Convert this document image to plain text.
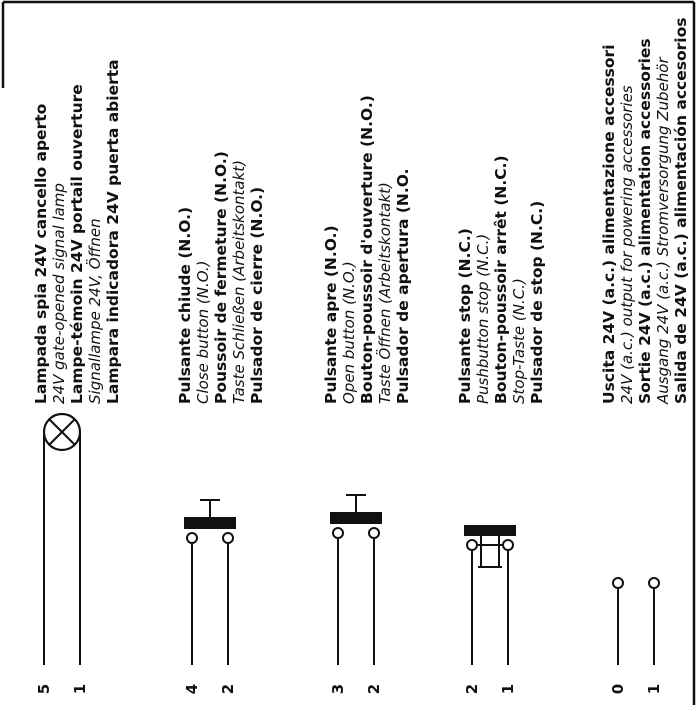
5 1	4 2	3 2	2 1	0 1
Lampada spia 24V cancello aperto 24V gate-opened signal lamp Lampe-témoin 24V portail ouverture Signallampe 24V, Öffnen Lampara indicadora 24V puerta abierta	Pulsante chiude (N.O.) Close button (N.O.) Poussoir de fermeture (N.O.) Taste Schließen (Arbeitskontakt) Pulsador de cierre (N.O.)	Pulsante apre (N.O.) Open button (N.O.) Bouton-poussoir d'ouverture (N.O.) Taste Öffnen (Arbeitskontakt) Pulsador de apertura (N.O.	Pulsante stop (N.C.) Pushbutton stop (N.C.) Bouton-poussoir arrêt (N.C.) Stop-Taste (N.C.) Pulsador de stop (N.C.)	Uscita 24V (a.c.) alimentazione accessori 24V (a.c.) output for powering accessories Sortie 24V (a.c.) alimentation accessories Ausgang 24V (a.c.) Stromversorgung Zubehör Salida de 24V (a.c.) alimentación accesorios
